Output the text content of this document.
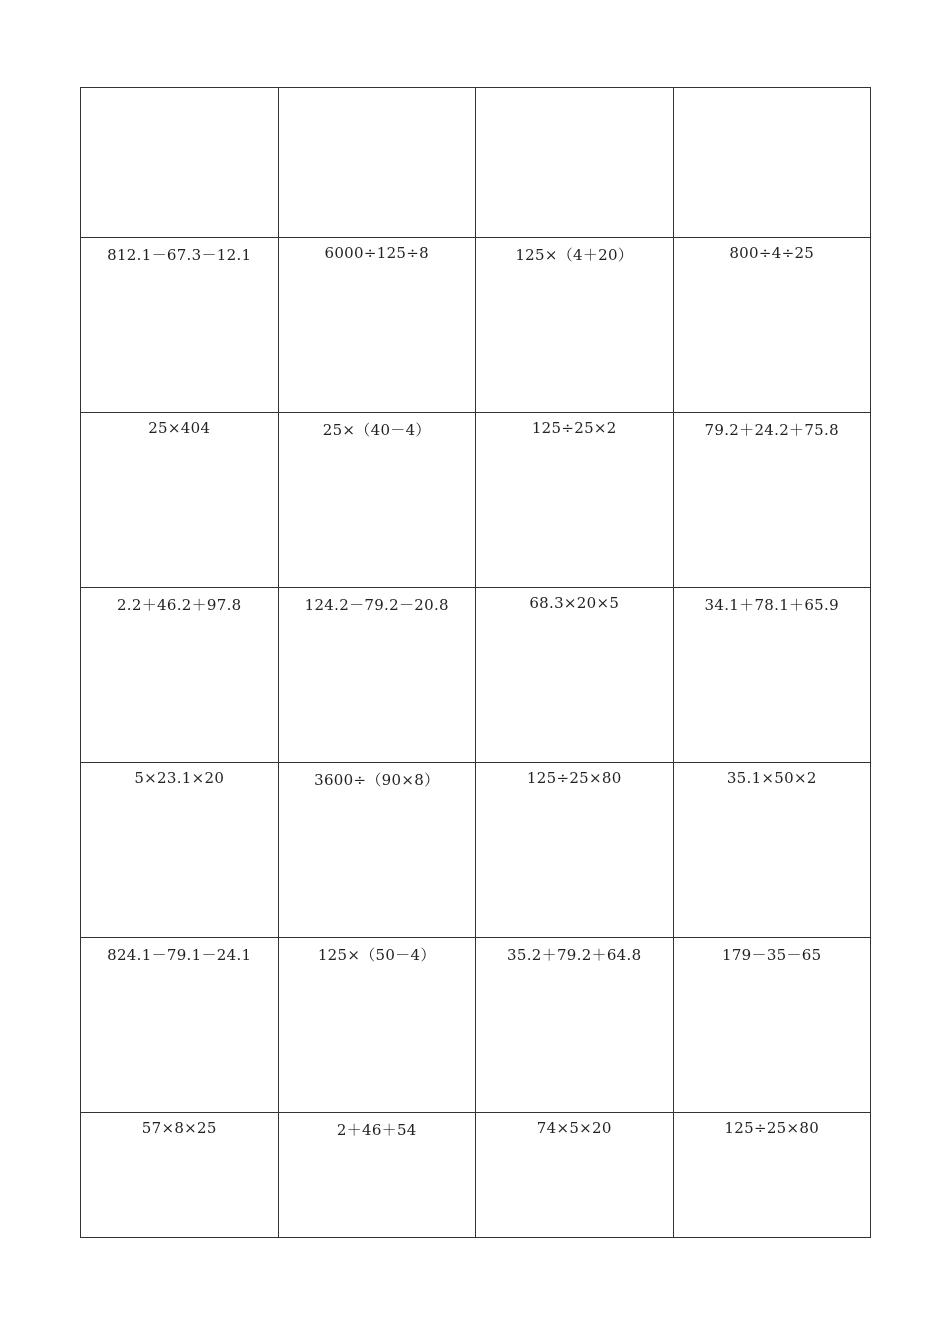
812.1－67.3－12.1	6000÷125÷8	125×（4＋20）	800÷4÷25

25×404	25×（40－4）	125÷25×2	79.2＋24.2＋75.8

2.2＋46.2＋97.8	124.2－79.2－20.8	68.3×20×5	34.1＋78.1＋65.9

5×23.1×20	3600÷（90×8）	125÷25×80	35.1×50×2

824.1－79.1－24.1	125×（50－4）	35.2＋79.2＋64.8	179－35－65

57×8×25	2＋46＋54	74×5×20	125÷25×80
